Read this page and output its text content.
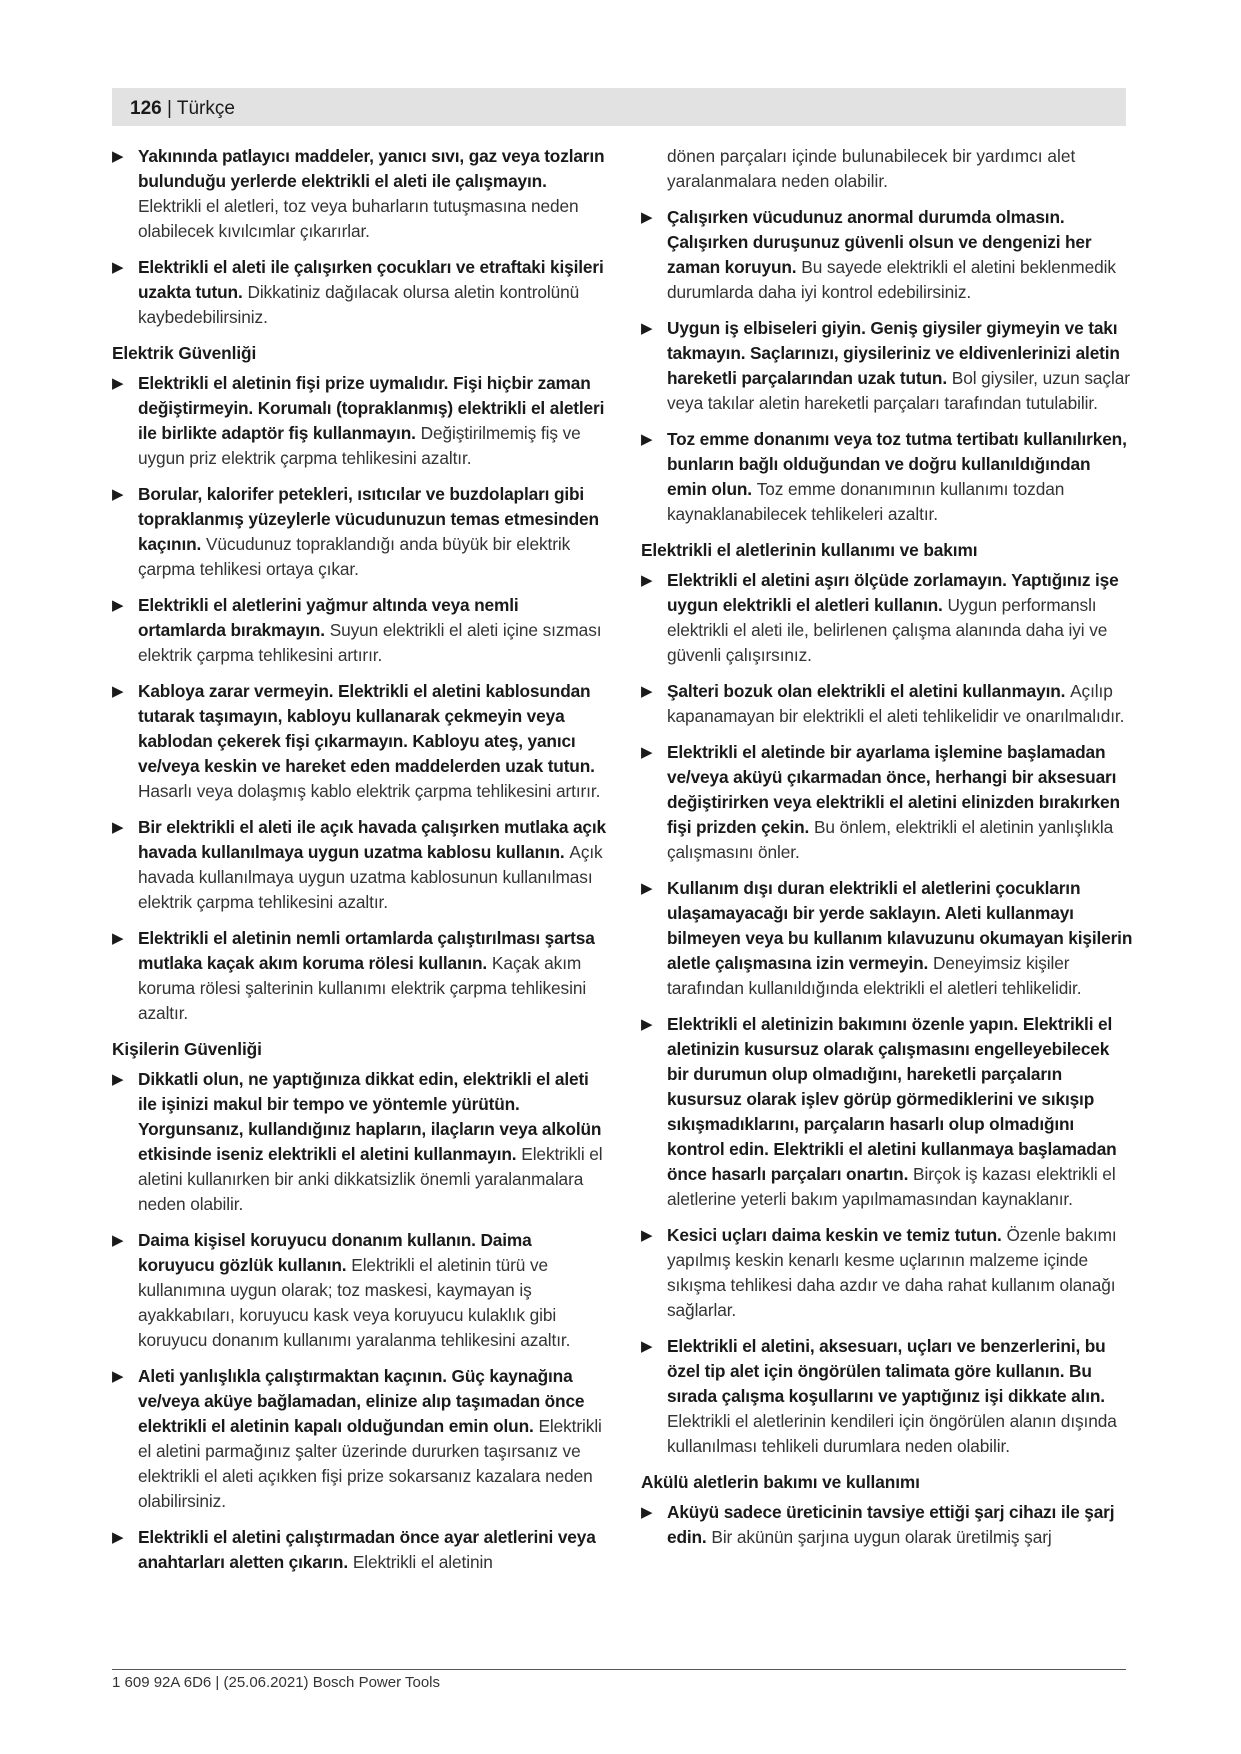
126 | Türkçe
▶ Yakınında patlayıcı maddeler, yanıcı sıvı, gaz veya tozların bulunduğu yerlerde elektrikli el aleti ile çalışmayın. Elektrikli el aletleri, toz veya buharların tutuşmasına neden olabilecek kıvılcımlar çıkarırlar.
▶ Elektrikli el aleti ile çalışırken çocukları ve etraftaki kişileri uzakta tutun. Dikkatiniz dağılacak olursa aletin kontrolünü kaybedebilirsiniz.
Elektrik Güvenliği
▶ Elektrikli el aletinin fişi prize uymalıdır. Fişi hiçbir zaman değiştirmeyin. Korumalı (topraklanmış) elektrikli el aletleri ile birlikte adaptör fiş kullanmayın. Değiştirilmemiş fiş ve uygun priz elektrik çarpma tehlikesini azaltır.
▶ Borular, kalorifer petekleri, ısıtıcılar ve buzdolapları gibi topraklanmış yüzeylerle vücudunuzun temas etmesinden kaçının. Vücudunuz topraklandığı anda büyük bir elektrik çarpma tehlikesi ortaya çıkar.
▶ Elektrikli el aletlerini yağmur altında veya nemli ortamlarda bırakmayın. Suyun elektrikli el aleti içine sızması elektrik çarpma tehlikesini artırır.
▶ Kabloya zarar vermeyin. Elektrikli el aletini kablosundan tutarak taşımayın, kabloyu kullanarak çekmeyin veya kablodan çekerek fişi çıkarmayın. Kabloyu ateş, yanıcı ve/veya keskin ve hareket eden maddelerden uzak tutun. Hasarlı veya dolaşmış kablo elektrik çarpma tehlikesini artırır.
▶ Bir elektrikli el aleti ile açık havada çalışırken mutlaka açık havada kullanılmaya uygun uzatma kablosu kullanın. Açık havada kullanılmaya uygun uzatma kablosunun kullanılması elektrik çarpma tehlikesini azaltır.
▶ Elektrikli el aletinin nemli ortamlarda çalıştırılması şartsa mutlaka kaçak akım koruma rölesi kullanın. Kaçak akım koruma rölesi şalterinin kullanımı elektrik çarpma tehlikesini azaltır.
Kişilerin Güvenliği
▶ Dikkatli olun, ne yaptığınıza dikkat edin, elektrikli el aleti ile işinizi makul bir tempo ve yöntemle yürütün. Yorgunsanız, kullandığınız hapların, ilaçların veya alkolün etkisinde iseniz elektrikli el aletini kullanmayın. Elektrikli el aletini kullanırken bir anki dikkatsizlik önemli yaralanmalara neden olabilir.
▶ Daima kişisel koruyucu donanım kullanın. Daima koruyucu gözlük kullanın. Elektrikli el aletinin türü ve kullanımına uygun olarak; toz maskesi, kaymayan iş ayakkabıları, koruyucu kask veya koruyucu kulaklık gibi koruyucu donanım kullanımı yaralanma tehlikesini azaltır.
▶ Aleti yanlışlıkla çalıştırmaktan kaçının. Güç kaynağına ve/veya aküye bağlamadan, elinize alıp taşımadan önce elektrikli el aletinin kapalı olduğundan emin olun. Elektrikli el aletini parmağınız şalter üzerinde dururken taşırsanız ve elektrikli el aleti açıkken fişi prize sokarsanız kazalara neden olabilirsiniz.
▶ Elektrikli el aletini çalıştırmadan önce ayar aletlerini veya anahtarları aletten çıkarın. Elektrikli el aletinin
dönen parçaları içinde bulunabilecek bir yardımcı alet yaralanmalara neden olabilir.
▶ Çalışırken vücudunuz anormal durumda olmasın. Çalışırken duruşunuz güvenli olsun ve dengenizi her zaman koruyun. Bu sayede elektrikli el aletini beklenmedik durumlarda daha iyi kontrol edebilirsiniz.
▶ Uygun iş elbiseleri giyin. Geniş giysiler giymeyin ve takı takmayın. Saçlarınızı, giysileriniz ve eldivenlerinizi aletin hareketli parçalarından uzak tutun. Bol giysiler, uzun saçlar veya takılar aletin hareketli parçaları tarafından tutulabilir.
▶ Toz emme donanımı veya toz tutma tertibatı kullanılırken, bunların bağlı olduğundan ve doğru kullanıldığından emin olun. Toz emme donanımının kullanımı tozdan kaynaklanabilecek tehlikeleri azaltır.
Elektrikli el aletlerinin kullanımı ve bakımı
▶ Elektrikli el aletini aşırı ölçüde zorlamayın. Yaptığınız işe uygun elektrikli el aletleri kullanın. Uygun performanslı elektrikli el aleti ile, belirlenen çalışma alanında daha iyi ve güvenli çalışırsınız.
▶ Şalteri bozuk olan elektrikli el aletini kullanmayın. Açılıp kapanamayan bir elektrikli el aleti tehlikelidir ve onarılmalıdır.
▶ Elektrikli el aletinde bir ayarlama işlemine başlamadan ve/veya aküyü çıkarmadan önce, herhangi bir aksesuarı değiştirirken veya elektrikli el aletini elinizden bırakırken fişi prizden çekin. Bu önlem, elektrikli el aletinin yanlışlıkla çalışmasını önler.
▶ Kullanım dışı duran elektrikli el aletlerini çocukların ulaşamayacağı bir yerde saklayın. Aleti kullanmayı bilmeyen veya bu kullanım kılavuzunu okumayan kişilerin aletle çalışmasına izin vermeyin. Deneyimsiz kişiler tarafından kullanıldığında elektrikli el aletleri tehlikelidir.
▶ Elektrikli el aletinizin bakımını özenle yapın. Elektrikli el aletinizin kusursuz olarak çalışmasını engelleyebilecek bir durumun olup olmadığını, hareketli parçaların kusursuz olarak işlev görüp görmediklerini ve sıkışıp sıkışmadıklarını, parçaların hasarlı olup olmadığını kontrol edin. Elektrikli el aletini kullanmaya başlamadan önce hasarlı parçaları onartın. Birçok iş kazası elektrikli el aletlerine yeterli bakım yapılmamasından kaynaklanır.
▶ Kesici uçları daima keskin ve temiz tutun. Özenle bakımı yapılmış keskin kenarlı kesme uçlarının malzeme içinde sıkışma tehlikesi daha azdır ve daha rahat kullanım olanağı sağlarlar.
▶ Elektrikli el aletini, aksesuarı, uçları ve benzerlerini, bu özel tip alet için öngörülen talimata göre kullanın. Bu sırada çalışma koşullarını ve yaptığınız işi dikkate alın. Elektrikli el aletlerinin kendileri için öngörülen alanın dışında kullanılması tehlikeli durumlara neden olabilir.
Akülü aletlerin bakımı ve kullanımı
▶ Aküyü sadece üreticinin tavsiye ettiği şarj cihazı ile şarj edin. Bir akünün şarjına uygun olarak üretilmiş şarj
1 609 92A 6D6 | (25.06.2021) Bosch Power Tools
